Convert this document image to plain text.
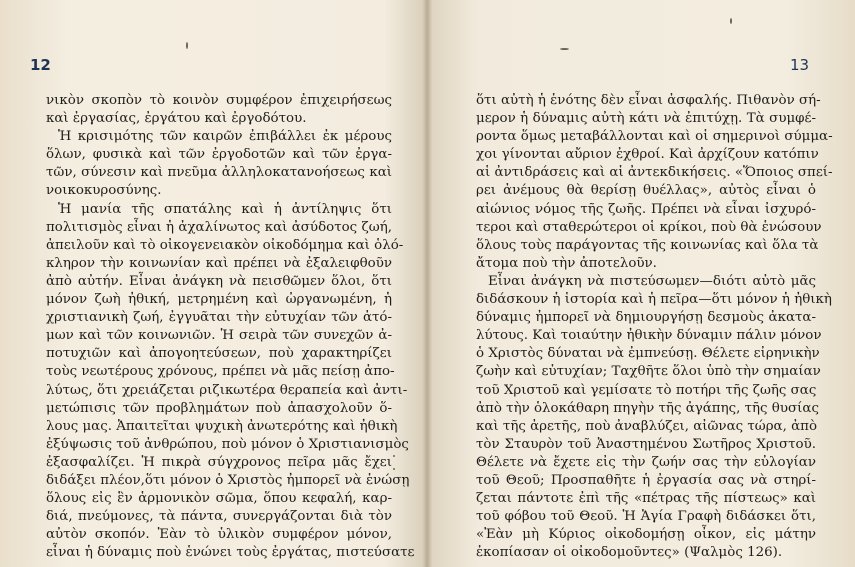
12
νικὸν σκοπὸν τὸ κοινὸν συμφέρον ἐπιχειρήσεως
καὶ ἐργασίας, ἐργάτου καὶ ἐργοδότου.
Ἡ κρισιμότης τῶν καιρῶν ἐπιβάλλει ἐκ μέρους
ὅλων, φυσικὰ καὶ τῶν ἐργοδοτῶν καὶ τῶν ἐργα-
τῶν, σύνεσιν καὶ πνεῦμα ἀλληλοκατανοήσεως καὶ
νοικοκυροσύνης.
Ἡ μανία τῆς σπατάλης καὶ ἡ ἀντίληψις ὅτι
πολιτισμὸς εἶναι ἡ ἀχαλίνωτος καὶ ἀσύδοτος ζωή,
ἀπειλοῦν καὶ τὸ οἰκογενειακὸν οἰκοδόμημα καὶ ὁλό-
κληρον τὴν κοινωνίαν καὶ πρέπει νὰ ἐξαλειφθοῦν
ἀπὸ αὐτήν. Εἶναι ἀνάγκη νὰ πεισθῶμεν ὅλοι, ὅτι
μόνον ζωὴ ἠθική, μετρημένη καὶ ὠργανωμένη, ἡ
χριστιανικὴ ζωή, ἐγγυᾶται τὴν εὐτυχίαν τῶν ἀτό-
μων καὶ τῶν κοινωνιῶν. Ἡ σειρὰ τῶν συνεχῶν ἀ-
ποτυχιῶν καὶ ἀπογοητεύσεων, ποὺ χαρακτηρίζει
τοὺς νεωτέρους χρόνους, πρέπει νὰ μᾶς πείσῃ ἀπο-
λύτως, ὅτι χρειάζεται ριζικωτέρα θεραπεία καὶ ἀντι-
μετώπισις τῶν προβλημάτων ποὺ ἀπασχολοῦν ὅ-
λους μας. Ἀπαιτεῖται ψυχικὴ ἀνωτερότης καὶ ἠθικὴ
ἐξύψωσις τοῦ ἀνθρώπου, ποὺ μόνον ὁ Χριστιανισμὸς
ἐξασφαλίζει. Ἡ πικρὰ σύγχρονος πεῖρα μᾶς ἔχει
διδάξει πλέον,ὅτι μόνον ὁ Χριστὸς ἠμπορεῖ νὰ ἑνώσῃ
ὅλους εἰς ἓν ἁρμονικὸν σῶμα, ὅπου κεφαλή, καρ-
διά, πνεύμονες, τὰ πάντα, συνεργάζονται διὰ τὸν
αὐτὸν σκοπόν. Ἐὰν τὸ ὑλικὸν συμφέρον μόνον,
εἶναι ἡ δύναμις ποὺ ἑνώνει τοὺς ἐργάτας, πιστεύσατε
13
ὅτι αὐτὴ ἡ ἑνότης δὲν εἶναι ἀσφαλής. Πιθανὸν σή-
μερον ἡ δύναμις αὐτὴ κάτι νὰ ἐπιτύχῃ. Τὰ συμφέ-
ροντα ὅμως μεταβάλλονται καὶ οἱ σημερινοὶ σύμμα-
χοι γίνονται αὔριον ἐχθροί. Καὶ ἀρχίζουν κατόπιν
αἱ ἀντιδράσεις καὶ αἱ ἀντεκδικήσεις. «Ὅποιος σπεί-
ρει ἀνέμους θὰ θερίσῃ θυέλλας», αὐτὸς εἶναι ὁ
αἰώνιος νόμος τῆς ζωῆς. Πρέπει νὰ εἶναι ἰσχυρό-
τεροι καὶ σταθερώτεροι οἱ κρίκοι, ποὺ θὰ ἑνώσουν
ὅλους τοὺς παράγοντας τῆς κοινωνίας καὶ ὅλα τὰ
ἄτομα ποὺ τὴν ἀποτελοῦν.
Εἶναι ἀνάγκη νὰ πιστεύσωμεν—διότι αὐτὸ μᾶς
διδάσκουν ἡ ἱστορία καὶ ἡ πεῖρα—ὅτι μόνον ἡ ἠθικὴ
δύναμις ἠμπορεῖ νὰ δημιουργήσῃ δεσμοὺς ἀκατα-
λύτους. Καὶ τοιαύτην ἠθικὴν δύναμιν πάλιν μόνον
ὁ Χριστὸς δύναται νὰ ἐμπνεύσῃ. Θέλετε εἰρηνικὴν
ζωὴν καὶ εὐτυχίαν; Ταχθῆτε ὅλοι ὑπὸ τὴν σημαίαν
τοῦ Χριστοῦ καὶ γεμίσατε τὸ ποτήρι τῆς ζωῆς σας
ἀπὸ τὴν ὁλοκάθαρη πηγὴν τῆς ἀγάπης, τῆς θυσίας
καὶ τῆς ἀρετῆς, ποὺ ἀναβλύζει, αἰῶνας τώρα, ἀπὸ
τὸν Σταυρὸν τοῦ Ἀναστημένου Σωτῆρος Χριστοῦ.
Θέλετε νὰ ἔχετε εἰς τὴν ζωήν σας τὴν εὐλογίαν
τοῦ Θεοῦ; Προσπαθῆτε ἡ ἐργασία σας νὰ στηρί-
ζεται πάντοτε ἐπὶ τῆς «πέτρας τῆς πίστεως» καὶ
τοῦ φόβου τοῦ Θεοῦ. Ἡ Ἁγία Γραφὴ διδάσκει ὅτι,
«Ἐὰν μὴ Κύριος οἰκοδομήσῃ οἶκον, εἰς μάτην
ἐκοπίασαν οἱ οἰκοδομοῦντες» (Ψαλμὸς 126).
